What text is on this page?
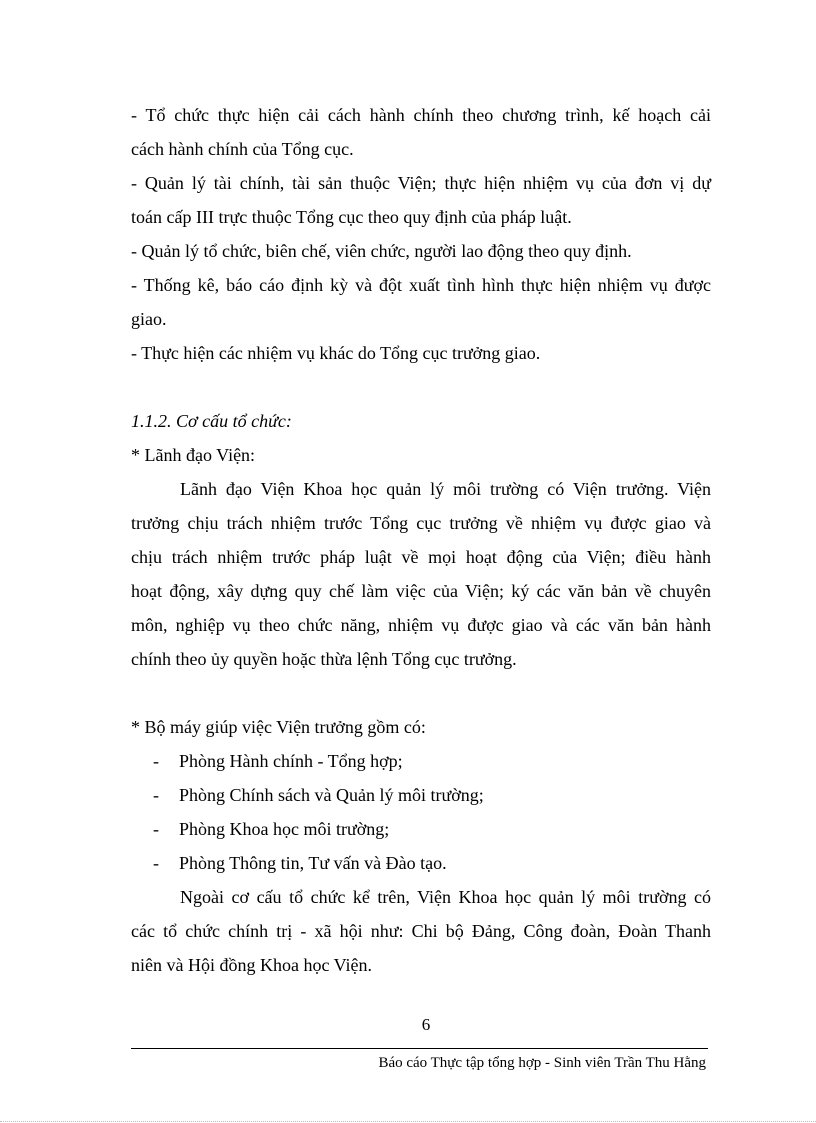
- Tổ chức thực hiện cải cách hành chính theo chương trình, kế hoạch cải
cách hành chính của Tổng cục.
- Quản lý tài chính, tài sản thuộc Viện; thực hiện nhiệm vụ của đơn vị dự
toán cấp III trực thuộc Tổng cục theo quy định của pháp luật.
- Quản lý tổ chức, biên chế, viên chức, người lao động theo quy định.
- Thống kê, báo cáo định kỳ và đột xuất tình hình thực hiện nhiệm vụ được
giao.
- Thực hiện các nhiệm vụ khác do Tổng cục trưởng giao.
1.1.2. Cơ cấu tổ chức:
* Lãnh đạo Viện:
Lãnh đạo Viện Khoa học quản lý môi trường có Viện trưởng. Viện
trưởng chịu trách nhiệm trước Tổng cục trưởng về nhiệm vụ được giao và
chịu trách nhiệm trước pháp luật về mọi hoạt động của Viện; điều hành
hoạt động, xây dựng quy chế làm việc của Viện; ký các văn bản về chuyên
môn, nghiệp vụ theo chức năng, nhiệm vụ được giao và các văn bản hành
chính theo ủy quyền hoặc thừa lệnh Tổng cục trưởng.
* Bộ máy giúp việc Viện trưởng gồm có:
- Phòng Hành chính - Tổng hợp;
- Phòng Chính sách và Quản lý môi trường;
- Phòng Khoa học môi trường;
- Phòng Thông tin, Tư vấn và Đào tạo.
Ngoài cơ cấu tổ chức kể trên, Viện Khoa học quản lý môi trường có
các tổ chức chính trị - xã hội như: Chi bộ Đảng, Công đoàn, Đoàn Thanh
niên và Hội đồng Khoa học Viện.
6
Báo cáo Thực tập tổng hợp - Sinh viên Trần Thu Hằng
